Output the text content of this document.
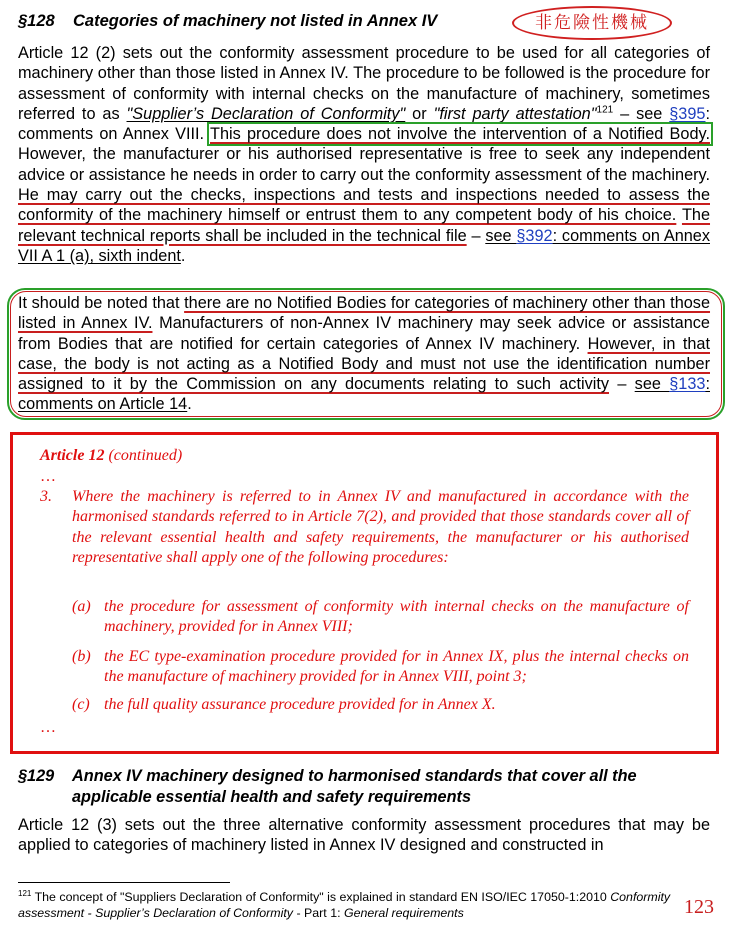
§128 Categories of machinery not listed in Annex IV	非危險性機械
Article 12 (2) sets out the conformity assessment procedure to be used for all categories of machinery other than those listed in Annex IV. The procedure to be followed is the procedure for assessment of conformity with internal checks on the manufacture of machinery, sometimes referred to as "Supplier’s Declaration of Conformity" or "first party attestation"$^{121}$ – see §395: comments on Annex VIII. This procedure does not involve the intervention of a Notified Body. However, the manufacturer or his authorised representative is free to seek any independent advice or assistance he needs in order to carry out the conformity assessment of the machinery. He may carry out the checks, inspections and tests and inspections needed to assess the conformity of the machinery himself or entrust them to any competent body of his choice. The relevant technical reports shall be included in the technical file – see §392: comments on Annex VII A 1 (a), sixth indent.
It should be noted that there are no Notified Bodies for categories of machinery other than those listed in Annex IV. Manufacturers of non-Annex IV machinery may seek advice or assistance from Bodies that are notified for certain categories of Annex IV machinery. However, in that case, the body is not acting as a Notified Body and must not use the identification number assigned to it by the Commission on any documents relating to such activity – see §133: comments on Article 14.
Article 12 (continued)
…
3. Where the machinery is referred to in Annex IV and manufactured in accordance with the harmonised standards referred to in Article 7(2), and provided that those standards cover all of the relevant essential health and safety requirements, the manufacturer or his authorised representative shall apply one of the following procedures:
(a) the procedure for assessment of conformity with internal checks on the manufacture of machinery, provided for in Annex VIII;
(b) the EC type-examination procedure provided for in Annex IX, plus the internal checks on the manufacture of machinery provided for in Annex VIII, point 3;
(c) the full quality assurance procedure provided for in Annex X.
…
§129 Annex IV machinery designed to harmonised standards that cover all the applicable essential health and safety requirements
Article 12 (3) sets out the three alternative conformity assessment procedures that may be applied to categories of machinery listed in Annex IV designed and constructed in
$^{121}$ The concept of "Suppliers Declaration of Conformity" is explained in standard EN ISO/IEC 17050-1:2010 Conformity assessment - Supplier’s Declaration of Conformity - Part 1: General requirements	123
